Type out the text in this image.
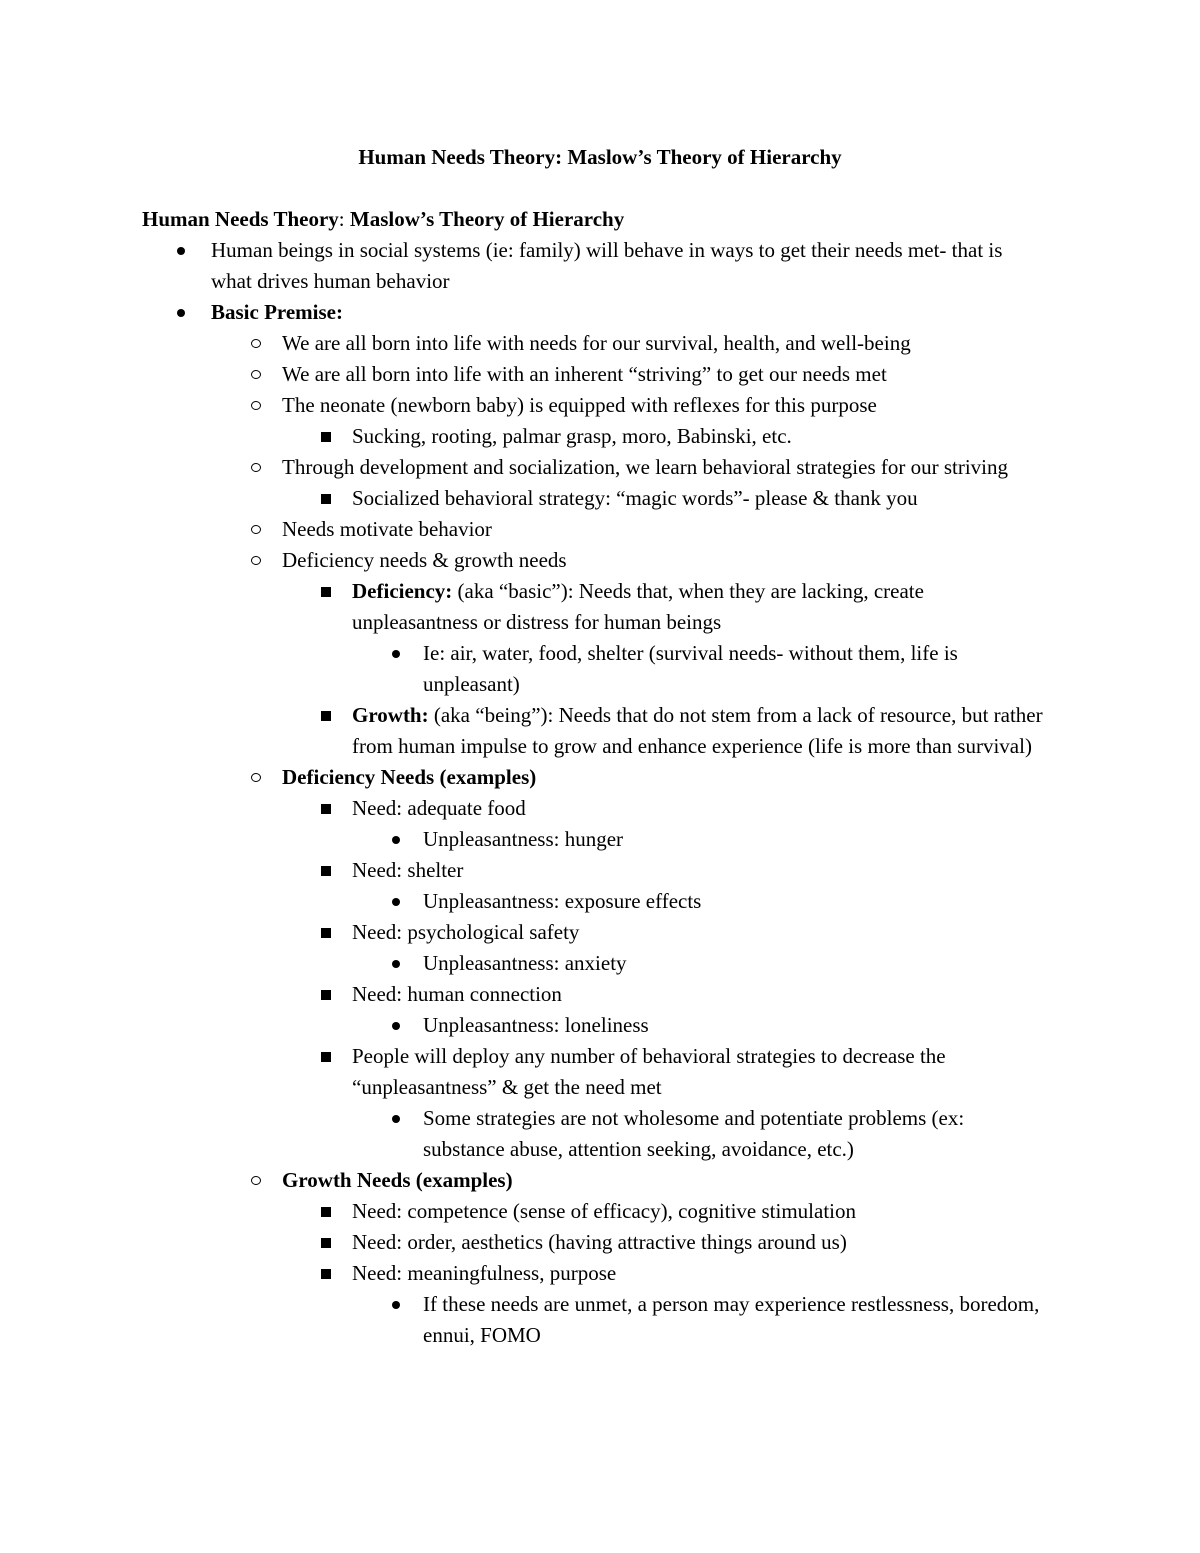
Human Needs Theory: Maslow’s Theory of Hierarchy
Human Needs Theory: Maslow’s Theory of Hierarchy
Human beings in social systems (ie: family) will behave in ways to get their needs met- that is what drives human behavior
Basic Premise:
We are all born into life with needs for our survival, health, and well-being
We are all born into life with an inherent “striving” to get our needs met
The neonate (newborn baby) is equipped with reflexes for this purpose
Sucking, rooting, palmar grasp, moro, Babinski, etc.
Through development and socialization, we learn behavioral strategies for our striving
Socialized behavioral strategy: “magic words”- please & thank you
Needs motivate behavior
Deficiency needs & growth needs
Deficiency: (aka “basic”): Needs that, when they are lacking, create unpleasantness or distress for human beings
Ie: air, water, food, shelter (survival needs- without them, life is unpleasant)
Growth: (aka “being”): Needs that do not stem from a lack of resource, but rather from human impulse to grow and enhance experience (life is more than survival)
Deficiency Needs (examples)
Need: adequate food
Unpleasantness: hunger
Need: shelter
Unpleasantness: exposure effects
Need: psychological safety
Unpleasantness: anxiety
Need: human connection
Unpleasantness: loneliness
People will deploy any number of behavioral strategies to decrease the “unpleasantness” & get the need met
Some strategies are not wholesome and potentiate problems (ex: substance abuse, attention seeking, avoidance, etc.)
Growth Needs (examples)
Need: competence (sense of efficacy), cognitive stimulation
Need: order, aesthetics (having attractive things around us)
Need: meaningfulness, purpose
If these needs are unmet, a person may experience restlessness, boredom, ennui, FOMO
